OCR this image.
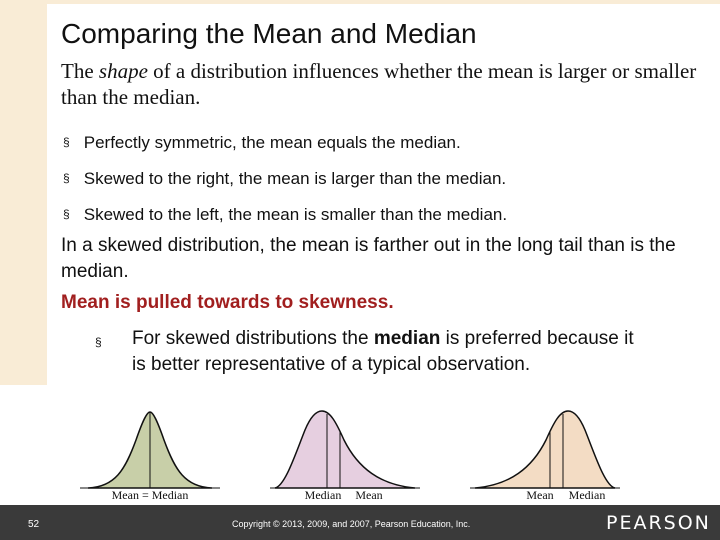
Comparing the Mean and Median
The shape of a distribution influences whether the mean is larger or smaller than the median.
§ Perfectly symmetric, the mean equals the median.
§ Skewed to the right, the mean is larger than the median.
§ Skewed to the left, the mean is smaller than the median.
In a skewed distribution, the mean is farther out in the long tail than is the median.
Mean is pulled towards to skewness.
§ For skewed distributions the median is preferred because it is better representative of a typical observation.
Mean = Median	Median Mean	Mean Median
52	Copyright © 2013, 2009, and 2007, Pearson Education, Inc.	PEARSON
